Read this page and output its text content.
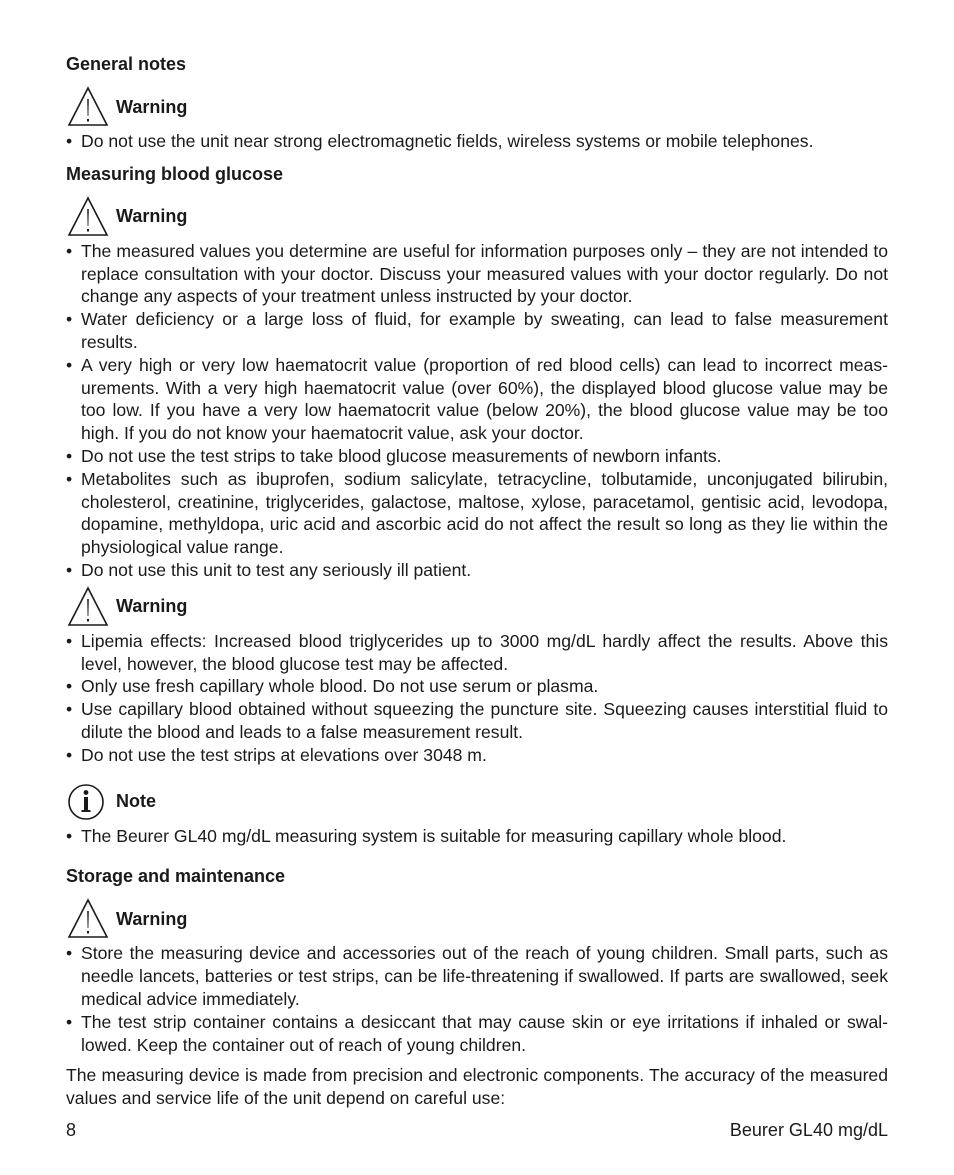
General notes
Warning
• Do not use the unit near strong electromagnetic fields, wireless systems or mobile telephones.
Measuring blood glucose
Warning
• The measured values you determine are useful for information purposes only – they are not intended to replace consultation with your doctor. Discuss your measured values with your doctor regularly. Do not change any aspects of your treatment unless instructed by your doctor.
• Water deficiency or a large loss of fluid, for example by sweating, can lead to false measurement results.
• A very high or very low haematocrit value (proportion of red blood cells) can lead to incorrect measurements. With a very high haematocrit value (over 60%), the displayed blood glucose value may be too low. If you have a very low haematocrit value (below 20%), the blood glucose value may be too high. If you do not know your haematocrit value, ask your doctor.
• Do not use the test strips to take blood glucose measurements of newborn infants.
• Metabolites such as ibuprofen, sodium salicylate, tetracycline, tolbutamide, unconjugated bilirubin, cholesterol, creatinine, triglycerides, galactose, maltose, xylose, paracetamol, gentisic acid, levodopa, dopamine, methyldopa, uric acid and ascorbic acid do not affect the result so long as they lie within the physiological value range.
• Do not use this unit to test any seriously ill patient.
Warning
• Lipemia effects: Increased blood triglycerides up to 3000 mg/dL hardly affect the results. Above this level, however, the blood glucose test may be affected.
• Only use fresh capillary whole blood. Do not use serum or plasma.
• Use capillary blood obtained without squeezing the puncture site. Squeezing causes interstitial fluid to dilute the blood and leads to a false measurement result.
• Do not use the test strips at elevations over 3048 m.
Note
• The Beurer GL40 mg/dL measuring system is suitable for measuring capillary whole blood.
Storage and maintenance
Warning
• Store the measuring device and accessories out of the reach of young children. Small parts, such as needle lancets, batteries or test strips, can be life-threatening if swallowed. If parts are swallowed, seek medical advice immediately.
• The test strip container contains a desiccant that may cause skin or eye irritations if inhaled or swallowed. Keep the container out of reach of young children.

The measuring device is made from precision and electronic components. The accuracy of the measured values and service life of the unit depend on careful use:

8	Beurer GL40 mg/dL
